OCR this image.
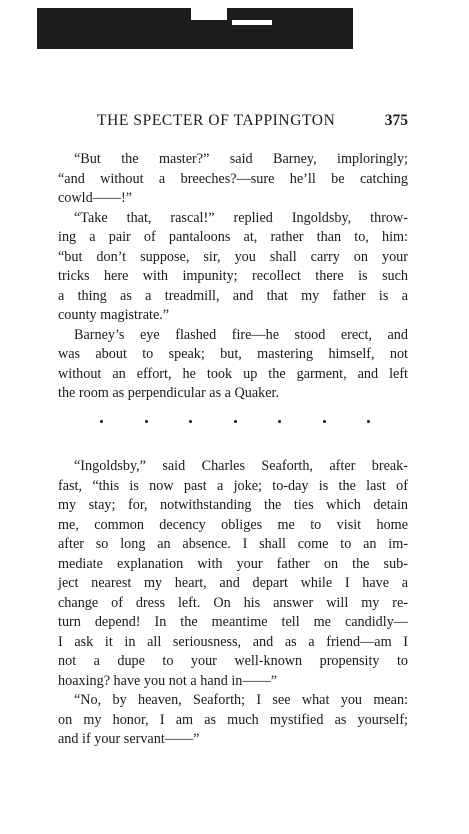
THE SPECTER OF TAPPINGTON	375
“But the master?” said Barney, imploringly;
“and without a breeches?—sure he’ll be catching
cowld——!”
“Take that, rascal!” replied Ingoldsby, throw-
ing a pair of pantaloons at, rather than to, him:
“but don’t suppose, sir, you shall carry on your
tricks here with impunity; recollect there is such
a thing as a treadmill, and that my father is a
county magistrate.”
Barney’s eye flashed fire—he stood erect, and
was about to speak; but, mastering himself, not
without an effort, he took up the garment, and left
the room as perpendicular as a Quaker.
“Ingoldsby,” said Charles Seaforth, after break-
fast, “this is now past a joke; to-day is the last of
my stay; for, notwithstanding the ties which detain
me, common decency obliges me to visit home
after so long an absence. I shall come to an im-
mediate explanation with your father on the sub-
ject nearest my heart, and depart while I have a
change of dress left. On his answer will my re-
turn depend! In the meantime tell me candidly—
I ask it in all seriousness, and as a friend—am I
not a dupe to your well-known propensity to
hoaxing? have you not a hand in——”
“No, by heaven, Seaforth; I see what you mean:
on my honor, I am as much mystified as yourself;
and if your servant——”
